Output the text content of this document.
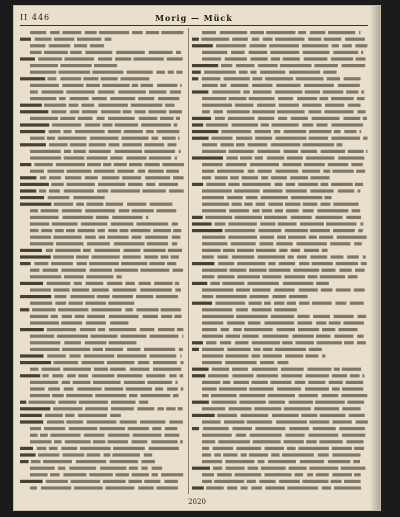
II 446	Morig — Mück
2020
